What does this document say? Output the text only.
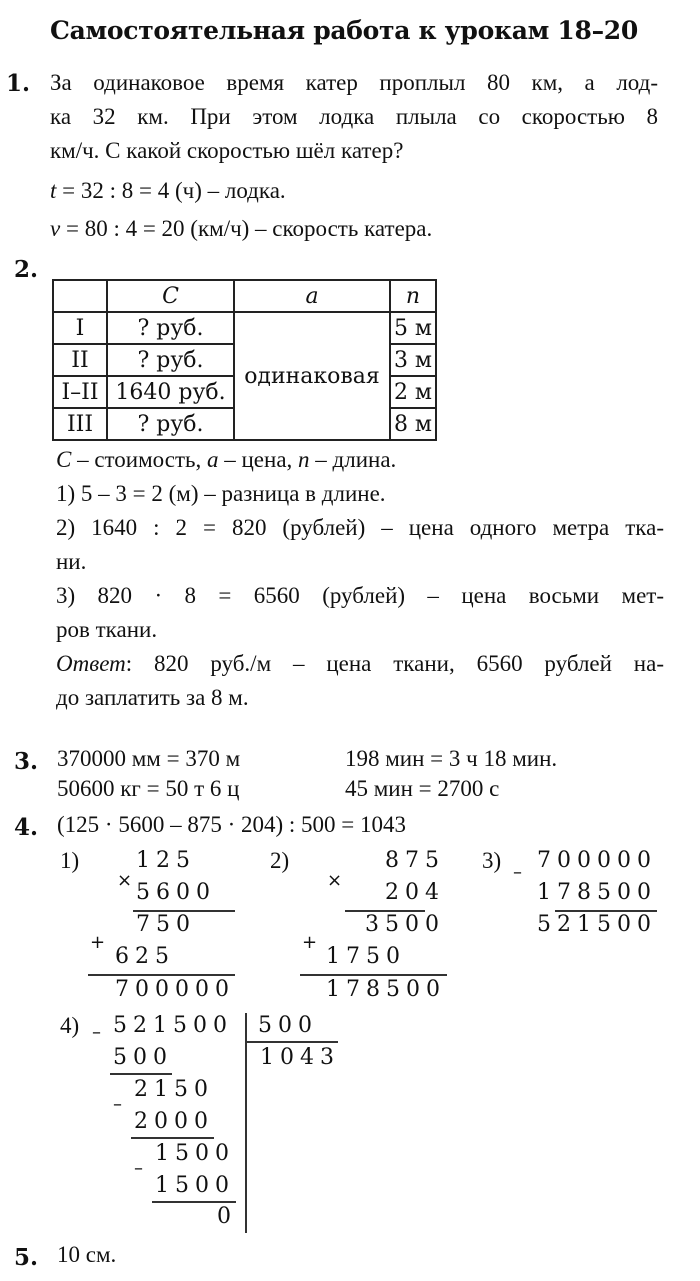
Самостоятельная работа к урокам 18–20
1. За одинаковое время катер проплыл 80 км, а лод-
ка 32 км. При этом лодка плыла со скоростью 8
км/ч. С какой скоростью шёл катер?
t = 32 : 8 = 4 (ч) – лодка.
v = 80 : 4 = 20 (км/ч) – скорость катера.
2.
	C	a	n
I	? руб.	одинаковая	5 м
II	? руб.		3 м
I–II	1640 руб.		2 м
III	? руб.		8 м
C – стоимость, a – цена, n – длина.
1) 5 – 3 = 2 (м) – разница в длине.
2) 1640 : 2 = 820 (рублей) – цена одного метра тка-
ни.
3) 820 · 8 = 6560 (рублей) – цена восьми мет-
ров ткани.
Ответ: 820 руб./м – цена ткани, 6560 рублей на-
до заплатить за 8 м.
3. 370000 мм = 370 м	198 мин = 3 ч 18 мин.
50600 кг = 50 т 6 ц	45 мин = 2700 с
4. (125 · 5600 – 875 · 204) : 500 = 1043
1)	125
× 5600
750
+
625
700000
2)	875
× 204
3500
+
1750
178500
3) – 700000
178500
521500
4) – 521500 500
1043
500
–
2150
2000
–
1500
1500
0
5. 10 см.
